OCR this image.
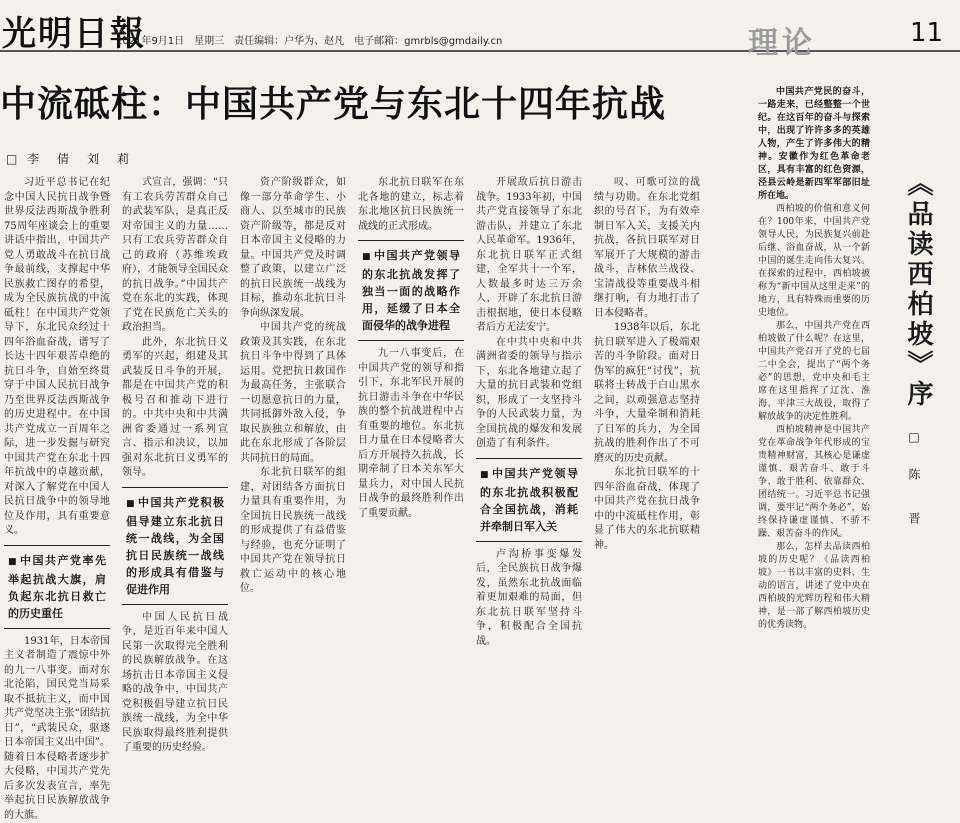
光明日報
2021年9月1日　星期三　责任编辑：户华为、赵凡　电子邮箱：gmrbls@gmdaily.cn	理论	11
中流砥柱：中国共产党与东北十四年抗战
□ 李　倩　刘　莉

习近平总书记在纪念中国人民抗日战争暨世界反法西斯战争胜利75周年座谈会上的重要讲话中指出，中国共产党人勇敢战斗在抗日战争最前线，支撑起中华民族救亡图存的希望，成为全民族抗战的中流砥柱！在中国共产党领导下，东北民众经过十四年浴血奋战，谱写了长达十四年艰苦卓绝的抗日斗争，自始至终贯穿于中国人民抗日战争乃至世界反法西斯战争的历史进程中。在中国共产党成立一百周年之际，进一步发掘与研究中国共产党在东北十四年抗战中的卓越贡献，对深入了解党在中国人民抗日战争中的领导地位及作用，具有重要意义。

■ 中国共产党率先举起抗战大旗，肩负起东北抗日救亡的历史重任

1931年，日本帝国主义者制造了震惊中外的九一八事变。面对东北沦陷，国民党当局采取不抵抗主义，而中国共产党坚决主张“团结抗日”，“武装民众，驱逐日本帝国主义出中国”。随着日本侵略者逐步扩大侵略，中国共产党先后多次发表宣言，率先举起抗日民族解放战争的大旗。

式宣言，强调：“只有工农兵劳苦群众自己的武装军队，是真正反对帝国主义的力量……只有工农兵劳苦群众自己的政府（苏维埃政府），才能领导全国民众的抗日战争。”中国共产党在东北的实践，体现了党在民族危亡关头的政治担当。

此外，东北抗日义勇军的兴起，组建及其武装反日斗争的开展，都是在中国共产党的积极号召和推动下进行的。中共中央和中共满洲省委通过一系列宣言、指示和决议，以加强对东北抗日义勇军的领导。

■ 中国共产党积极倡导建立东北抗日统一战线，为全国抗日民族统一战线的形成具有借鉴与促进作用

中国人民抗日战争，是近百年来中国人民第一次取得完全胜利的民族解放战争。在这场抗击日本帝国主义侵略的战争中，中国共产党积极倡导建立抗日民族统一战线，为全中华民族取得最终胜利提供了重要的历史经验。

资产阶级群众，如像一部分革命学生、小商人、以至城市的民族资产阶级等，都是反对日本帝国主义侵略的力量。中国共产党及时调整了政策，以建立广泛的抗日民族统一战线为目标，推动东北抗日斗争向纵深发展。

中国共产党的统战政策及其实践，在东北抗日斗争中得到了具体运用。党把抗日救国作为最高任务，主张联合一切愿意抗日的力量，共同抵御外敌入侵，争取民族独立和解放，由此在东北形成了各阶层共同抗日的局面。

东北抗日联军的组建，对团结各方面抗日力量具有重要作用，为全国抗日民族统一战线的形成提供了有益借鉴与经验，也充分证明了中国共产党在领导抗日救亡运动中的核心地位。

东北抗日联军在东北各地的建立，标志着东北地区抗日民族统一战线的正式形成。

■ 中国共产党领导的东北抗战发挥了独当一面的战略作用，延缓了日本全面侵华的战争进程

九一八事变后，在中国共产党的领导和指引下，东北军民开展的抗日游击斗争在中华民族的整个抗战进程中占有重要的地位。东北抗日力量在日本侵略者大后方开展持久抗战，长期牵制了日本关东军大量兵力，对中国人民抗日战争的最终胜利作出了重要贡献。

开展敌后抗日游击战争。1933年初，中国共产党直接领导了东北游击队，并建立了东北人民革命军。1936年，东北抗日联军正式组建，全军共十一个军，人数最多时达三万余人，开辟了东北抗日游击根据地，使日本侵略者后方无法安宁。

在中共中央和中共满洲省委的领导与指示下，东北各地建立起了大量的抗日武装和党组织，形成了一支坚持斗争的人民武装力量，为全国抗战的爆发和发展创造了有利条件。

■ 中国共产党领导的东北抗战积极配合全国抗战，消耗并牵制日军入关

卢沟桥事变爆发后，全民族抗日战争爆发，虽然东北抗战面临着更加艰难的局面，但东北抗日联军坚持斗争，积极配合全国抗战。

叹、可歌可泣的战绩与功勋。在东北党组织的号召下，为有效牵制日军入关，支援关内抗战，各抗日联军对日军展开了大规模的游击战斗，吉林依兰战役、宝清战役等重要战斗相继打响，有力地打击了日本侵略者。

1938年以后，东北抗日联军进入了极端艰苦的斗争阶段。面对日伪军的疯狂“讨伐”，抗联将士转战于白山黑水之间，以顽强意志坚持斗争，大量牵制和消耗了日军的兵力，为全国抗战的胜利作出了不可磨灭的历史贡献。

东北抗日联军的十四年浴血奋战，体现了中国共产党在抗日战争中的中流砥柱作用，彰显了伟大的东北抗联精神。

中国共产党民的奋斗，一路走来，已经整整一个世纪。在这百年的奋斗与探索中，出现了许许多多的英雄人物，产生了许多伟大的精神。安徽作为红色革命老区，具有丰富的红色资源，泾县云岭是新四军军部旧址所在地。

西柏坡的价值和意义何在？100年来，中国共产党领导人民，为民族复兴前赴后继、浴血奋战，从一个新中国的诞生走向伟大复兴。在探索的过程中，西柏坡被称为“新中国从这里走来”的地方，具有特殊而重要的历史地位。

那么，中国共产党在西柏坡做了什么呢？在这里，中国共产党召开了党的七届二中全会，提出了“两个务必”的思想，党中央和毛主席在这里指挥了辽沈、淮海、平津三大战役，取得了解放战争的决定性胜利。

西柏坡精神是中国共产党在革命战争年代形成的宝贵精神财富，其核心是谦虚谨慎、艰苦奋斗、敢于斗争、敢于胜利、依靠群众、团结统一。习近平总书记强调，要牢记“两个务必”，始终保持谦虚谨慎、不骄不躁、艰苦奋斗的作风。

那么，怎样去品读西柏坡的历史呢？《品读西柏坡》一书以丰富的史料、生动的语言，讲述了党中央在西柏坡的光辉历程和伟大精神，是一部了解西柏坡历史的优秀读物。

《品读西柏坡》序
□ 陈　晋
